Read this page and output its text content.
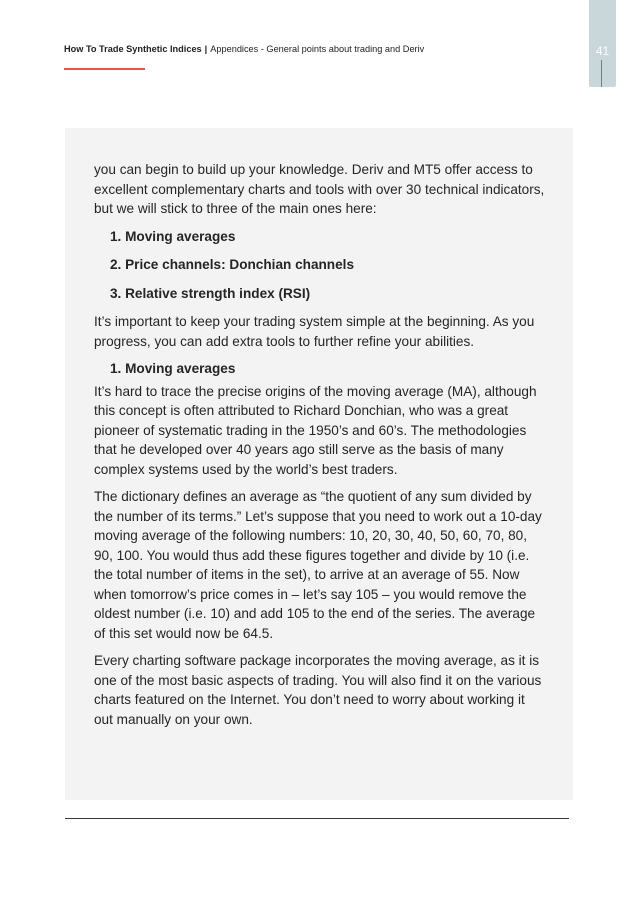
How To Trade Synthetic Indices | Appendices - General points about trading and Deriv	41

you can begin to build up your knowledge. Deriv and MT5 offer access to excellent complementary charts and tools with over 30 technical indicators, but we will stick to three of the main ones here:

1. Moving averages
2. Price channels: Donchian channels
3. Relative strength index (RSI)

It’s important to keep your trading system simple at the beginning. As you progress, you can add extra tools to further refine your abilities.

1. Moving averages

It’s hard to trace the precise origins of the moving average (MA), although this concept is often attributed to Richard Donchian, who was a great pioneer of systematic trading in the 1950’s and 60’s. The methodologies that he developed over 40 years ago still serve as the basis of many complex systems used by the world’s best traders.

The dictionary defines an average as “the quotient of any sum divided by the number of its terms.” Let’s suppose that you need to work out a 10-day moving average of the following numbers: 10, 20, 30, 40, 50, 60, 70, 80, 90, 100. You would thus add these figures together and divide by 10 (i.e. the total number of items in the set), to arrive at an average of 55. Now when tomorrow’s price comes in – let’s say 105 – you would remove the oldest number (i.e. 10) and add 105 to the end of the series. The average of this set would now be 64.5.

Every charting software package incorporates the moving average, as it is one of the most basic aspects of trading. You will also find it on the various charts featured on the Internet. You don’t need to worry about working it out manually on your own.
